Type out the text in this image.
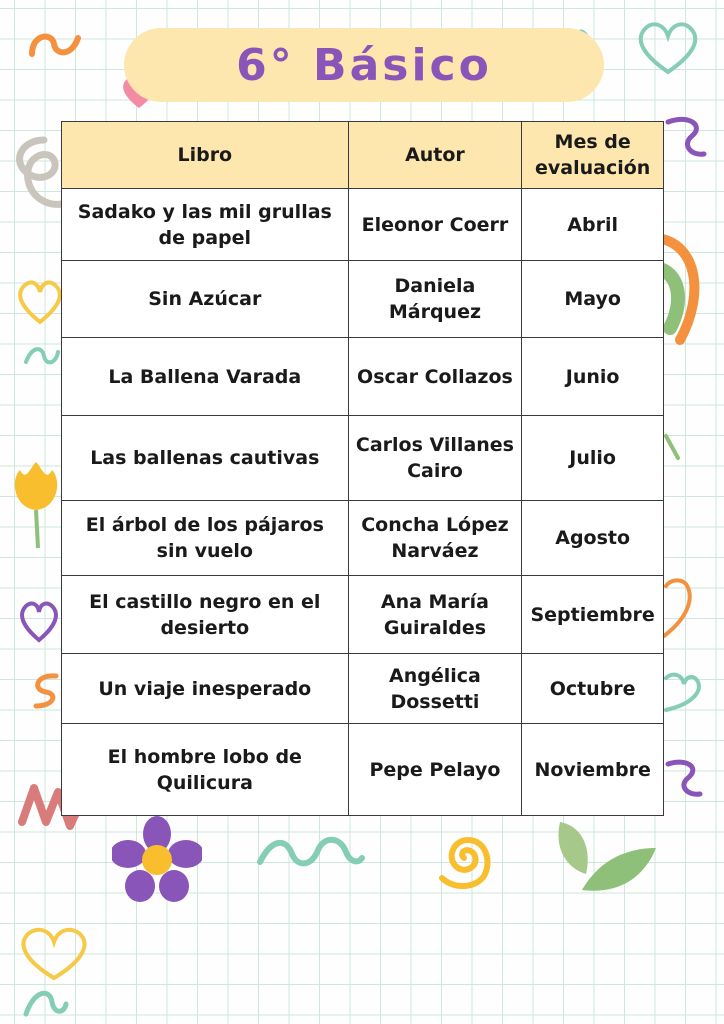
6° Básico
Libro	Autor	Mes de evaluación
Sadako y las mil grullas de papel	Eleonor Coerr	Abril
Sin Azúcar	Daniela Márquez	Mayo
La Ballena Varada	Oscar Collazos	Junio
Las ballenas cautivas	Carlos Villanes Cairo	Julio
El árbol de los pájaros sin vuelo	Concha López Narváez	Agosto
El castillo negro en el desierto	Ana María Guiraldes	Septiembre
Un viaje inesperado	Angélica Dossetti	Octubre
El hombre lobo de Quilicura	Pepe Pelayo	Noviembre
